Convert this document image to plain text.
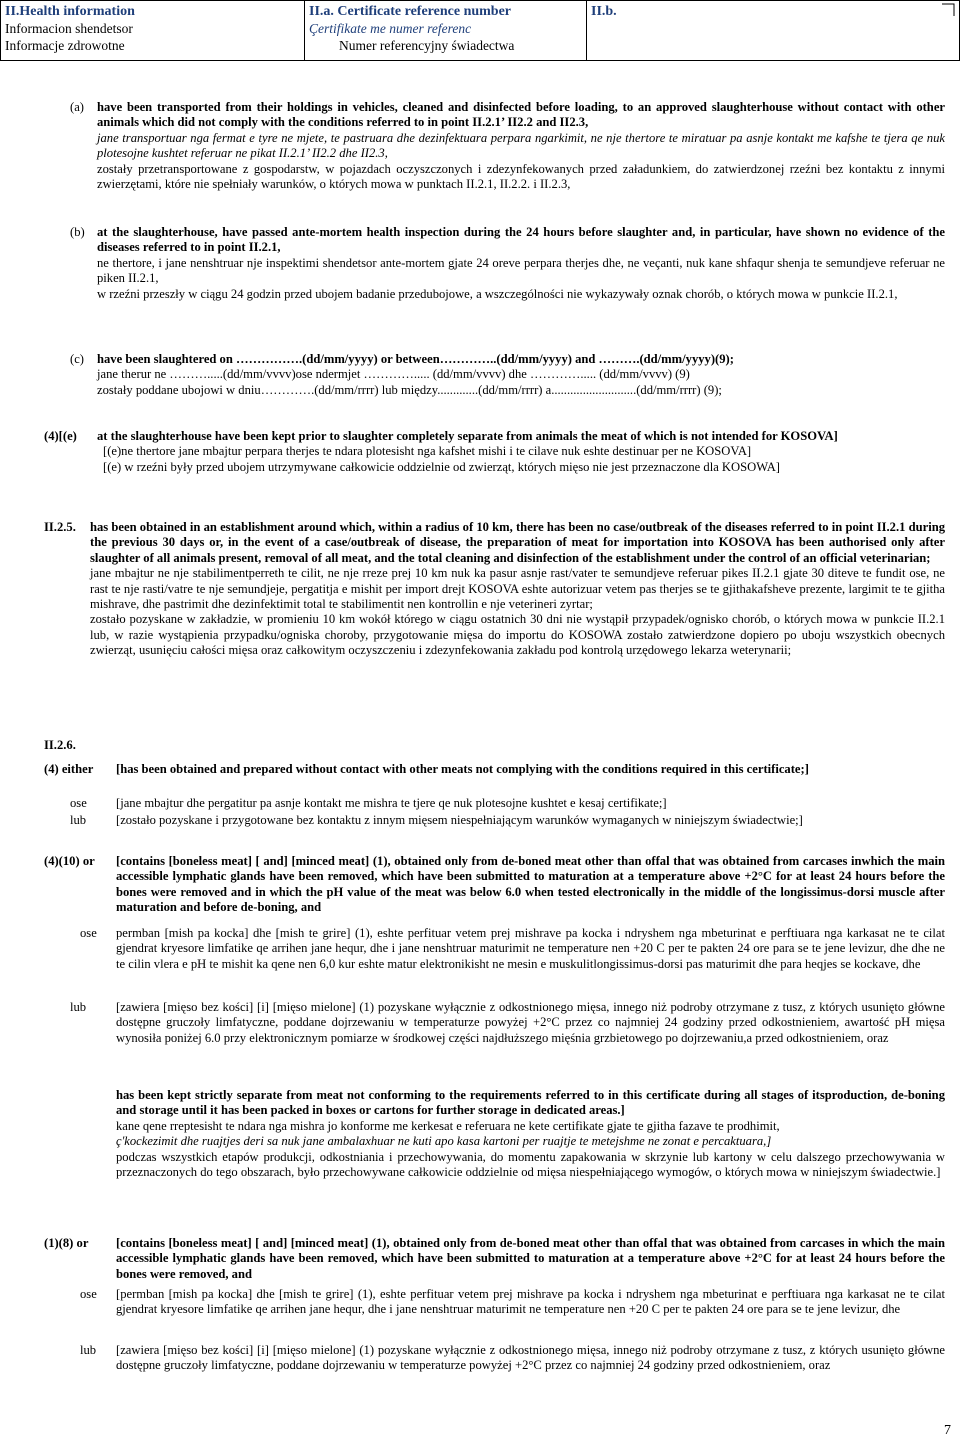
II.Health information
Informacion shendetsor
Informacje zdrowotne
II.a. Certificate reference number
Çertifikate me numer referenc
Numer referencyjny świadectwa
II.b.
(a) have been transported from their holdings in vehicles, cleaned and disinfected before loading, to an approved slaughterhouse without contact with other animals which did not comply with the conditions referred to in point II.2.1’ II2.2 and II2.3,
jane transportuar nga fermat e tyre ne mjete, te pastruara dhe dezinfektuara perpara ngarkimit, ne nje thertore te miratuar pa asnje kontakt me kafshe te tjera qe nuk plotesojne kushtet referuar ne pikat II.2.1’ II2.2 dhe II2.3,
zostały przetransportowane z gospodarstw, w pojazdach oczyszczonych i zdezynfekowanych przed załadunkiem, do zatwierdzonej rzeźni bez kontaktu z innymi zwierzętami, które nie spełniały warunków, o których mowa w punktach II.2.1, II.2.2. i II.2.3,
(b) at the slaughterhouse, have passed ante-mortem health inspection during the 24 hours before slaughter and, in particular, have shown no evidence of the diseases referred to in point II.2.1,
ne thertore, i jane nenshtruar nje inspektimi shendetsor ante-mortem gjate 24 oreve perpara therjes dhe, ne veçanti, nuk kane shfaqur shenja te semundjeve referuar ne piken II.2.1,
w rzeźni przeszły w ciągu 24 godzin przed ubojem badanie przedubojowe, a wszczególności nie wykazywały oznak chorób, o których mowa w punkcie II.2.1,
(c) have been slaughtered on …………….(dd/mm/yyyy) or between…………..(dd/mm/yyyy) and ……….(dd/mm/yyyy)(9);
jane therur ne ……….....(dd/mm/vvvv)ose ndermjet …………..... (dd/mm/vvvv) dhe …………..... (dd/mm/vvvv) (9)
zostały poddane ubojowi w dniu………….(dd/mm/rrrr) lub między.............(dd/mm/rrrr) a...........................(dd/mm/rrrr) (9);
(4)[(e) at the slaughterhouse have been kept prior to slaughter completely separate from animals the meat of which is not intended for KOSOVA]
[(e)ne thertore jane mbajtur perpara therjes te ndara plotesisht nga kafshet mishi i te cilave nuk eshte destinuar per ne KOSOVA]
[(e) w rzeźni były przed ubojem utrzymywane całkowicie oddzielnie od zwierząt, których mięso nie jest przeznaczone dla KOSOWA]
II.2.5. has been obtained in an establishment around which, within a radius of 10 km, there has been no case/outbreak of the diseases referred to in point II.2.1 during the previous 30 days or, in the event of a case/outbreak of disease, the preparation of meat for importation into KOSOVA has been authorised only after slaughter of all animals present, removal of all meat, and the total cleaning and disinfection of the establishment under the control of an official veterinarian;
jane mbajtur ne nje stabilimentperreth te cilit, ne nje rreze prej 10 km nuk ka pasur asnje rast/vater te semundjeve referuar pikes II.2.1 gjate 30 diteve te fundit ose, ne rast te nje rasti/vatre te nje semundjeje, pergatitja e mishit per import drejt KOSOVA eshte autorizuar vetem pas therjes se te gjithakafsheve prezente, largimit te te gjitha mishrave, dhe pastrimit dhe dezinfektimit total te stabilimentit nen kontrollin e nje veterineri zyrtar;
zostało pozyskane w zakładzie, w promieniu 10 km wokół którego w ciągu ostatnich 30 dni nie wystąpił przypadek/ognisko chorób, o których mowa w punkcie II.2.1 lub, w razie wystąpienia przypadku/ogniska choroby, przygotowanie mięsa do importu do KOSOWA zostało zatwierdzone dopiero po uboju wszystkich obecnych zwierząt, usunięciu całości mięsa oraz całkowitym oczyszczeniu i zdezynfekowania zakładu pod kontrolą urzędowego lekarza weterynarii;
II.2.6.
(4) either	[has been obtained and prepared without contact with other meats not complying with the conditions required in this certificate;]
ose [jane mbajtur dhe pergatitur pa asnje kontakt me mishra te tjere qe nuk plotesojne kushtet e kesaj certifikate;]
lub [zostało pozyskane i przygotowane bez kontaktu z innym mięsem niespełniającym warunków wymaganych w niniejszym świadectwie;]
(4)(10) or	[contains [boneless meat] [ and] [minced meat] (1), obtained only from de-boned meat other than offal that was obtained from carcases inwhich the main accessible lymphatic glands have been removed, which have been submitted to maturation at a temperature above +2°C for at least 24 hours before the bones were removed and in which the pH value of the meat was below 6.0 when tested electronically in the middle of the longissimus-dorsi muscle after maturation and before de-boning, and
ose permban [mish pa kocka] dhe [mish te grire] (1), eshte perfituar vetem prej mishrave pa kocka i ndryshem nga mbeturinat e perftiuara nga karkasat ne te cilat gjendrat kryesore limfatike qe arrihen jane hequr, dhe i jane nenshtruar maturimit ne temperature nen +20 C per te pakten 24 ore para se te jene levizur, dhe dhe ne te cilin vlera e pH te mishit ka qene nen 6,0 kur eshte matur elektronikisht ne mesin e muskulitlongissimus-dorsi pas maturimit dhe para heqjes se kockave, dhe
lub [zawiera [mięso bez kości] [i] [mięso mielone] (1) pozyskane wyłącznie z odkostnionego mięsa, innego niż podroby otrzymane z tusz, z których usunięto główne dostępne gruczoły limfatyczne, poddane dojrzewaniu w temperaturze powyżej +2°C przez co najmniej 24 godziny przed odkostnieniem, awartość pH mięsa wynosiła poniżej 6.0 przy elektronicznym pomiarze w środkowej części najdłuższego mięśnia grzbietowego po dojrzewaniu,a przed odkostnieniem, oraz
has been kept strictly separate from meat not conforming to the requirements referred to in this certificate during all stages of itsproduction, de-boning and storage until it has been packed in boxes or cartons for further storage in dedicated areas.]
kane qene rreptesisht te ndara nga mishra jo konforme me kerkesat e referuara ne kete certifikate gjate te gjitha fazave te prodhimit,
ç'kockezimit dhe ruajtjes deri sa nuk jane ambalaxhuar ne kuti apo kasa kartoni per ruajtje te metejshme ne zonat e percaktuara,]
podczas wszystkich etapów produkcji, odkostniania i przechowywania, do momentu zapakowania w skrzynie lub kartony w celu dalszego przechowywania w przeznaczonych do tego obszarach, było przechowywane całkowicie oddzielnie od mięsa niespełniającego wymogów, o których mowa w niniejszym świadectwie.]
(1)(8) or	[contains [boneless meat] [ and] [minced meat] (1), obtained only from de-boned meat other than offal that was obtained from carcases in which the main accessible lymphatic glands have been removed, which have been submitted to maturation at a temperature above +2°C for at least 24 hours before the bones were removed, and
ose [permban [mish pa kocka] dhe [mish te grire] (1), eshte perfituar vetem prej mishrave pa kocka i ndryshem nga mbeturinat e perftiuara nga karkasat ne te cilat gjendrat kryesore limfatike qe arrihen jane hequr, dhe i jane nenshtruar maturimit ne temperature nen +20 C per te pakten 24 ore para se te jene levizur, dhe
lub [zawiera [mięso bez kości] [i] [mięso mielone] (1) pozyskane wyłącznie z odkostnionego mięsa, innego niż podroby otrzymane z tusz, z których usunięto główne dostępne gruczoły limfatyczne, poddane dojrzewaniu w temperaturze powyżej +2°C przez co najmniej 24 godziny przed odkostnieniem, oraz
7
